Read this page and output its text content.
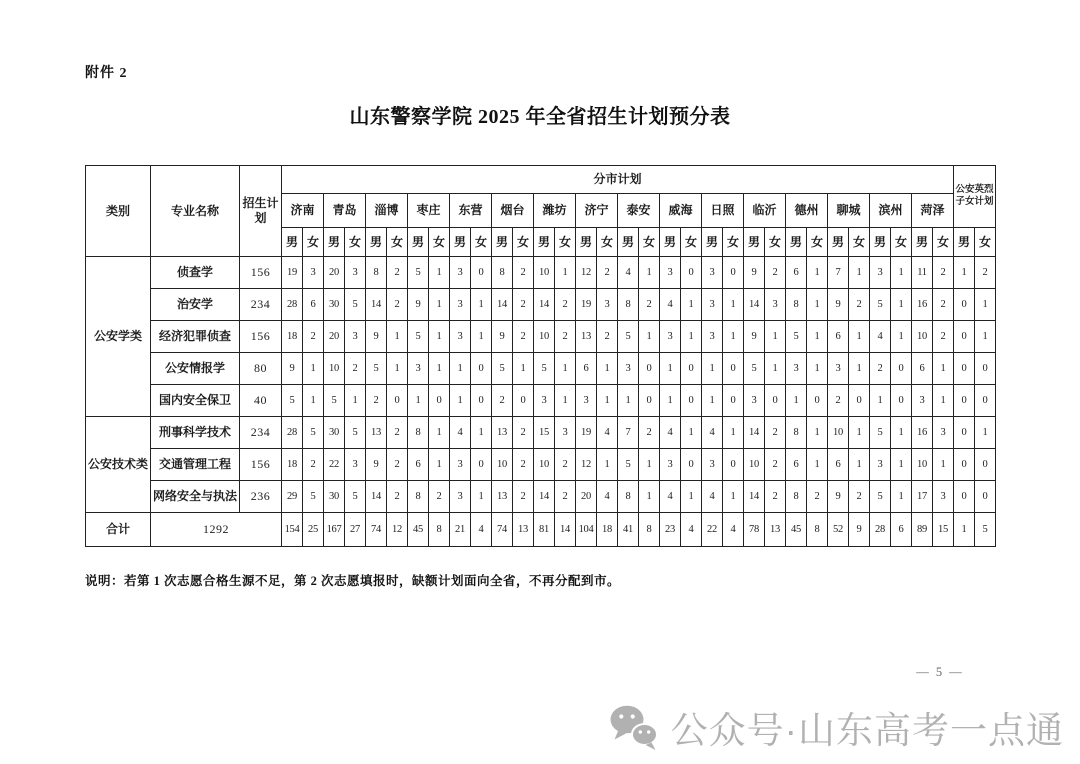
附件 2
山东警察学院 2025 年全省招生计划预分表
类别	专业名称	招生计划	分市计划																																公安英烈子女计划	
			济南		青岛		淄博		枣庄		东营		烟台		潍坊		济宁		泰安		威海		日照		临沂		德州		聊城		滨州		菏泽			
			男	女	男	女	男	女	男	女	男	女	男	女	男	女	男	女	男	女	男	女	男	女	男	女	男	女	男	女	男	女	男	女	男	女
公安学类	侦查学	156	19	3	20	3	8	2	5	1	3	0	8	2	10	1	12	2	4	1	3	0	3	0	9	2	6	1	7	1	3	1	11	2	1	2
	治安学	234	28	6	30	5	14	2	9	1	3	1	14	2	14	2	19	3	8	2	4	1	3	1	14	3	8	1	9	2	5	1	16	2	0	1
	经济犯罪侦查	156	18	2	20	3	9	1	5	1	3	1	9	2	10	2	13	2	5	1	3	1	3	1	9	1	5	1	6	1	4	1	10	2	0	1
	公安情报学	80	9	1	10	2	5	1	3	1	1	0	5	1	5	1	6	1	3	0	1	0	1	0	5	1	3	1	3	1	2	0	6	1	0	0
	国内安全保卫	40	5	1	5	1	2	0	1	0	1	0	2	0	3	1	3	1	1	0	1	0	1	0	3	0	1	0	2	0	1	0	3	1	0	0
公安技术类	刑事科学技术	234	28	5	30	5	13	2	8	1	4	1	13	2	15	3	19	4	7	2	4	1	4	1	14	2	8	1	10	1	5	1	16	3	0	1
	交通管理工程	156	18	2	22	3	9	2	6	1	3	0	10	2	10	2	12	1	5	1	3	0	3	0	10	2	6	1	6	1	3	1	10	1	0	0
	网络安全与执法	236	29	5	30	5	14	2	8	2	3	1	13	2	14	2	20	4	8	1	4	1	4	1	14	2	8	2	9	2	5	1	17	3	0	0
合计	1292		154	25	167	27	74	12	45	8	21	4	74	13	81	14	104	18	41	8	23	4	22	4	78	13	45	8	52	9	28	6	89	15	1	5
说明：若第 1 次志愿合格生源不足，第 2 次志愿填报时，缺额计划面向全省，不再分配到市。
— 5 —
公众号·山东高考一点通
